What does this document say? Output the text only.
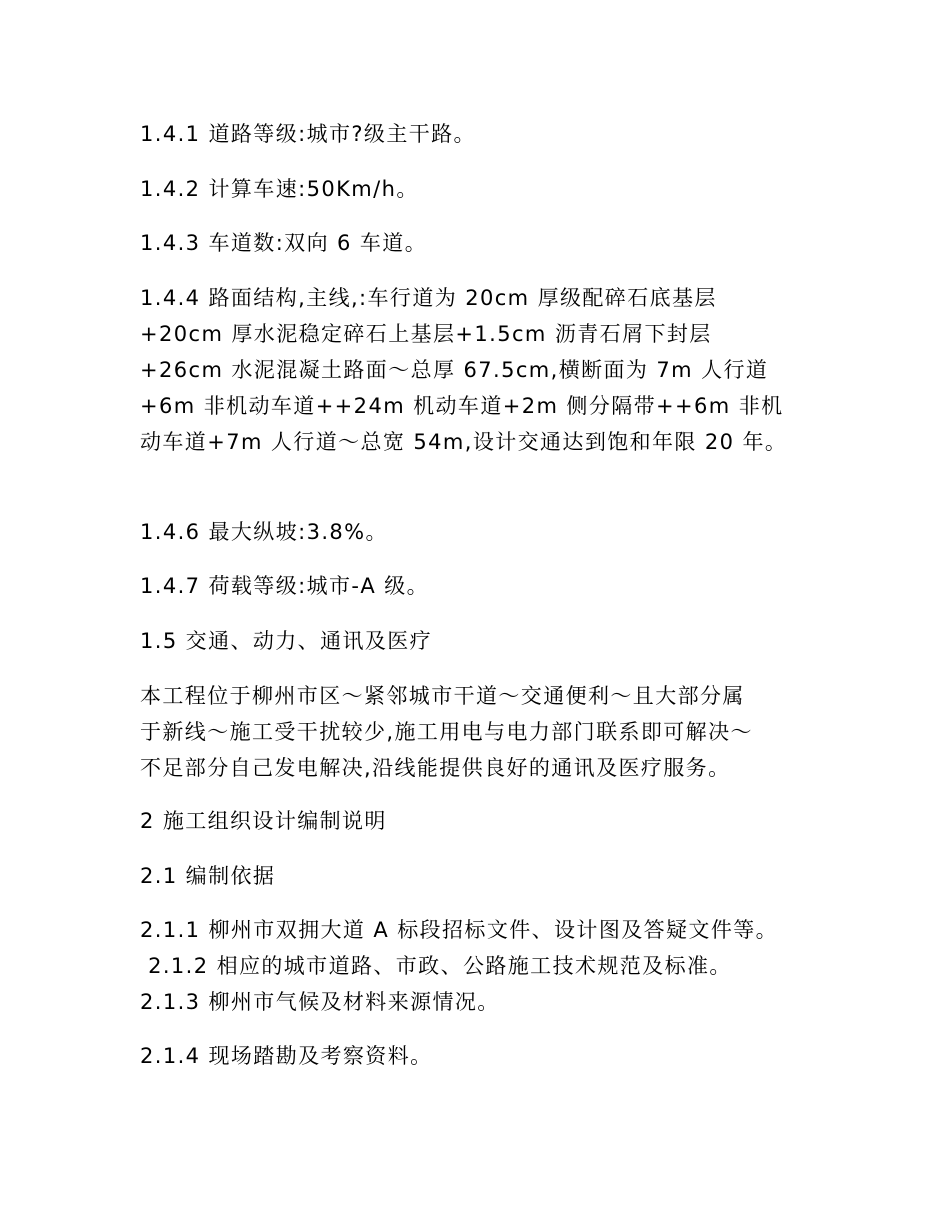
1.4.1 道路等级:城市?级主干路。

1.4.2 计算车速:50Km/h。

1.4.3 车道数:双向 6 车道。

1.4.4 路面结构,主线,:车行道为 20cm 厚级配碎石底基层
+20cm 厚水泥稳定碎石上基层+1.5cm 沥青石屑下封层
+26cm 水泥混凝土路面～总厚 67.5cm,横断面为 7m 人行道
+6m 非机动车道++24m 机动车道+2m 侧分隔带++6m 非机
动车道+7m 人行道～总宽 54m,设计交通达到饱和年限 20 年。

1.4.6 最大纵坡:3.8%。

1.4.7 荷载等级:城市-A 级。

1.5 交通、动力、通讯及医疗

本工程位于柳州市区～紧邻城市干道～交通便利～且大部分属
于新线～施工受干扰较少,施工用电与电力部门联系即可解决～
不足部分自己发电解决,沿线能提供良好的通讯及医疗服务。

2 施工组织设计编制说明

2.1 编制依据

2.1.1 柳州市双拥大道 A 标段招标文件、设计图及答疑文件等。
2.1.2 相应的城市道路、市政、公路施工技术规范及标准。
2.1.3 柳州市气候及材料来源情况。

2.1.4 现场踏勘及考察资料。
